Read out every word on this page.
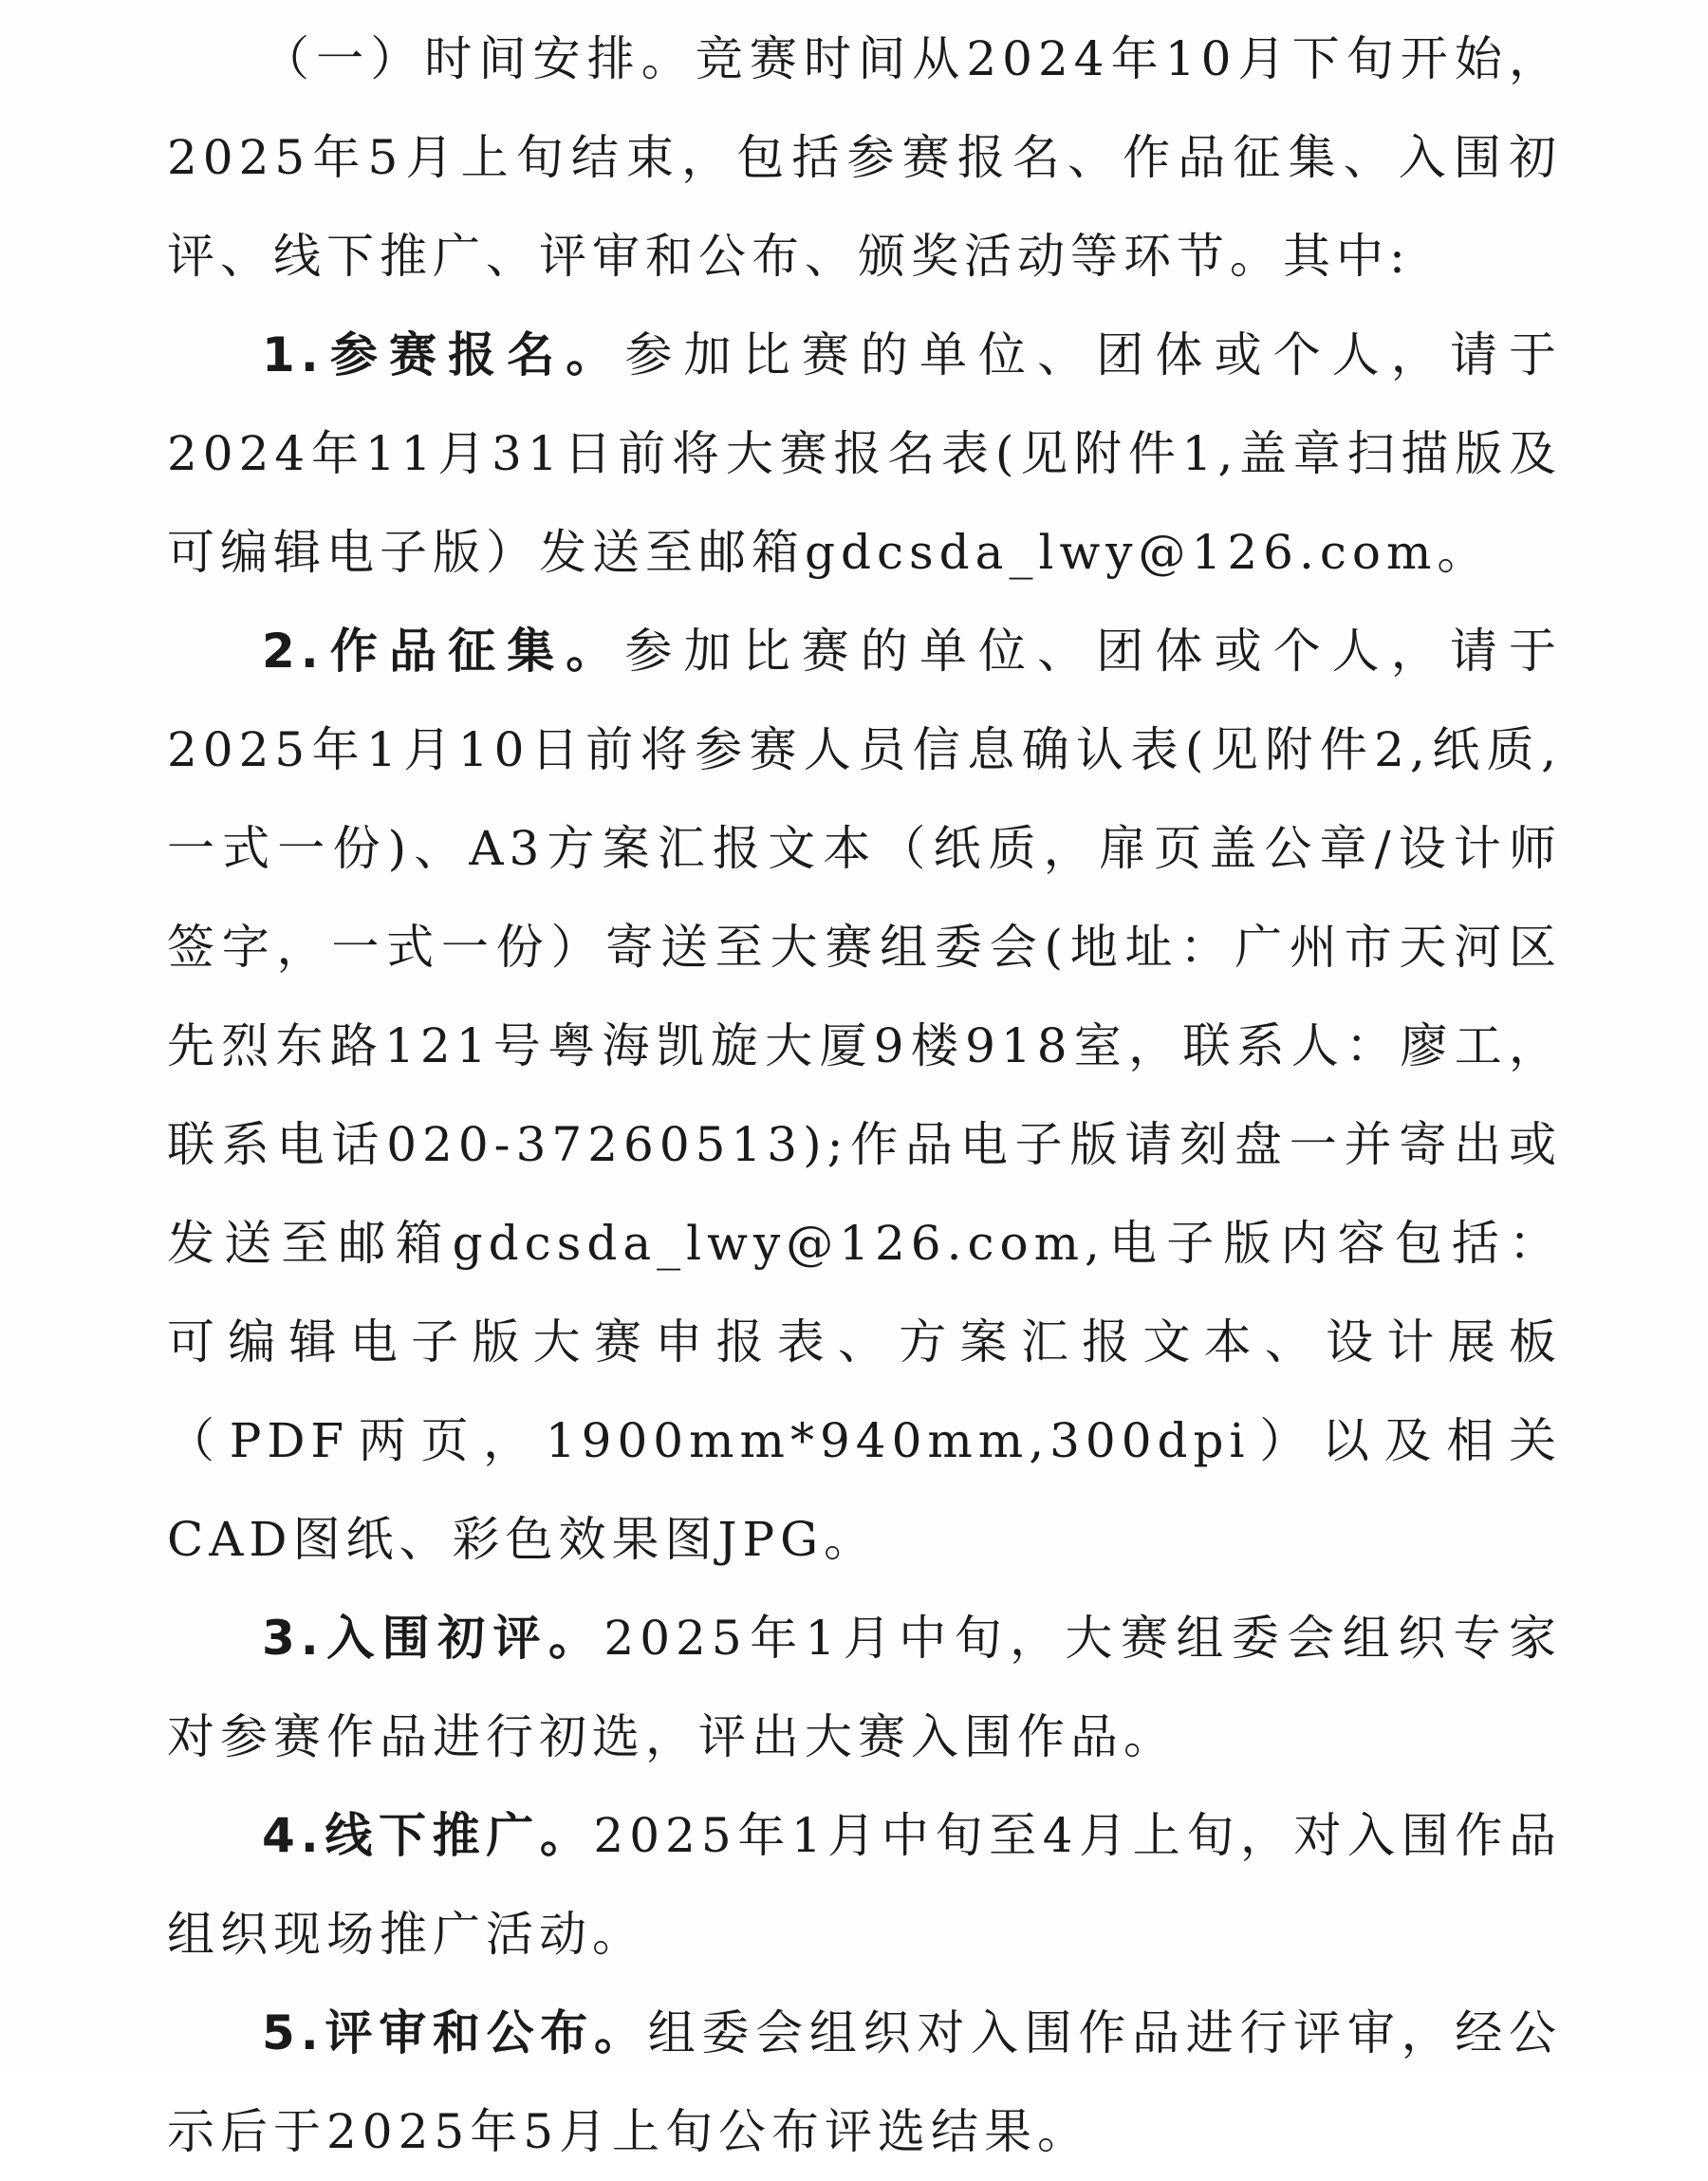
（一）时间安排。竞赛时间从2024年10月下旬开始，2025年5月上旬结束，包括参赛报名、作品征集、入围初评、线下推广、评审和公布、颁奖活动等环节。其中:

1.参赛报名。参加比赛的单位、团体或个人，请于2024年11月31日前将大赛报名表(见附件1,盖章扫描版及可编辑电子版）发送至邮箱gdcsda_lwy@126.com。

2.作品征集。参加比赛的单位、团体或个人，请于2025年1月10日前将参赛人员信息确认表(见附件2,纸质,一式一份)、A3方案汇报文本（纸质，扉页盖公章/设计师签字，一式一份）寄送至大赛组委会(地址：广州市天河区先烈东路121号粤海凯旋大厦9楼918室，联系人：廖工，联系电话020-37260513);作品电子版请刻盘一并寄出或发送至邮箱gdcsda_lwy@126.com,电子版内容包括：可编辑电子版大赛申报表、方案汇报文本、设计展板（PDF两页，1900mm*940mm,300dpi）以及相关CAD图纸、彩色效果图JPG。

3.入围初评。2025年1月中旬，大赛组委会组织专家对参赛作品进行初选，评出大赛入围作品。

4.线下推广。2025年1月中旬至4月上旬，对入围作品组织现场推广活动。

5.评审和公布。组委会组织对入围作品进行评审，经公示后于2025年5月上旬公布评选结果。
